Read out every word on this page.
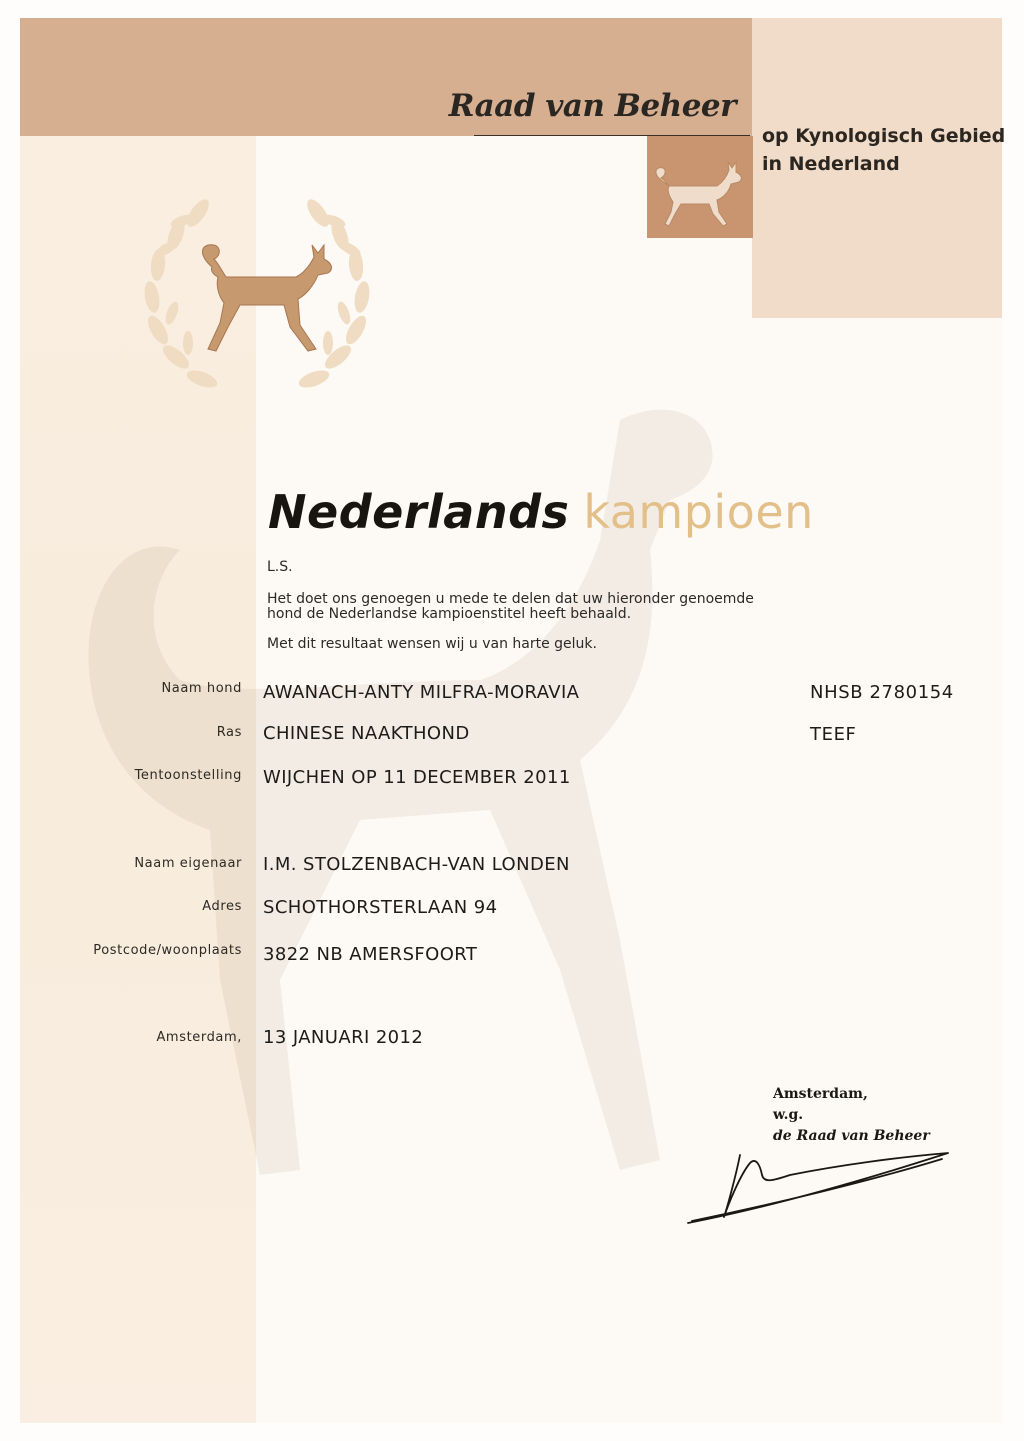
Raad van Beheer
op Kynologisch Gebied
in Nederland
Nederlands kampioen
L.S.
Het doet ons genoegen u mede te delen dat uw hieronder genoemde
hond de Nederlandse kampioenstitel heeft behaald.
Met dit resultaat wensen wij u van harte geluk.
Naam hond AWANACH-ANTY MILFRA-MORAVIA	NHSB 2780154
Ras CHINESE NAAKTHOND	TEEF
Tentoonstelling WIJCHEN OP 11 DECEMBER 2011
Naam eigenaar I.M. STOLZENBACH-VAN LONDEN
Adres SCHOTHORSTERLAAN 94
Postcode/woonplaats 3822 NB AMERSFOORT
Amsterdam, 13 JANUARI 2012
Amsterdam,
w.g.
de Raad van Beheer
